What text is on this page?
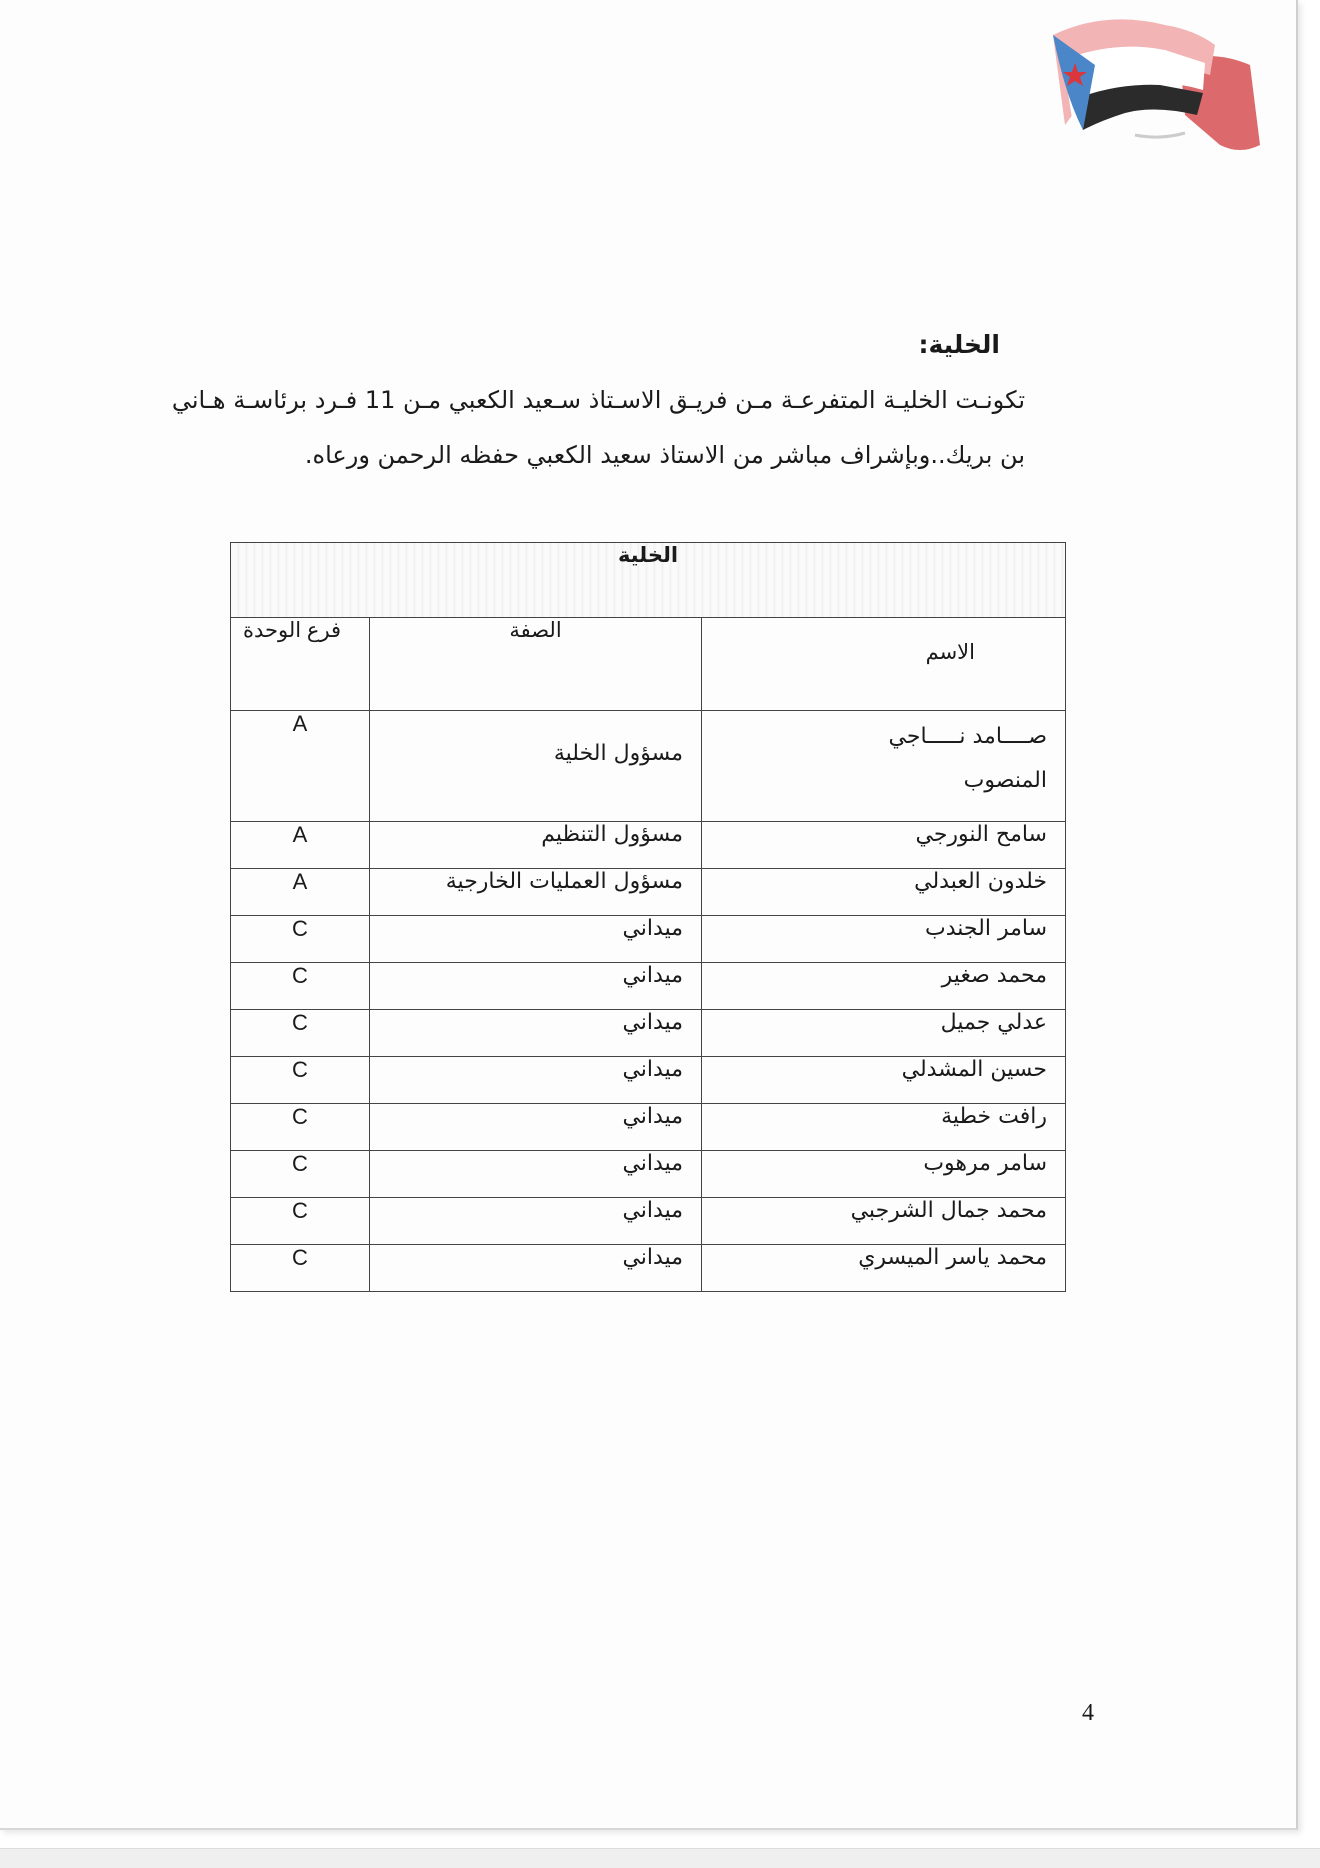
الخلية:
تكونـت الخليـة المتفرعـة مـن فريـق الاسـتاذ سـعيد الكعبي مـن 11 فـرد برئاسـة هـاني
بن بريك..وبإشراف مباشر من الاستاذ سعيد الكعبي حفظه الرحمن ورعاه.
الخلية		
الاسم	الصفة	فرع الوحدة
صــــامد نـــــاجي
المنصوب	مسؤول الخلية	A
سامح النورجي	مسؤول التنظيم	A
خلدون العبدلي	مسؤول العمليات الخارجية	A
سامر الجندب	ميداني	C
محمد صغير	ميداني	C
عدلي جميل	ميداني	C
حسين المشدلي	ميداني	C
رافت خطية	ميداني	C
سامر مرهوب	ميداني	C
محمد جمال الشرجبي	ميداني	C
محمد ياسر الميسري	ميداني	C
4
